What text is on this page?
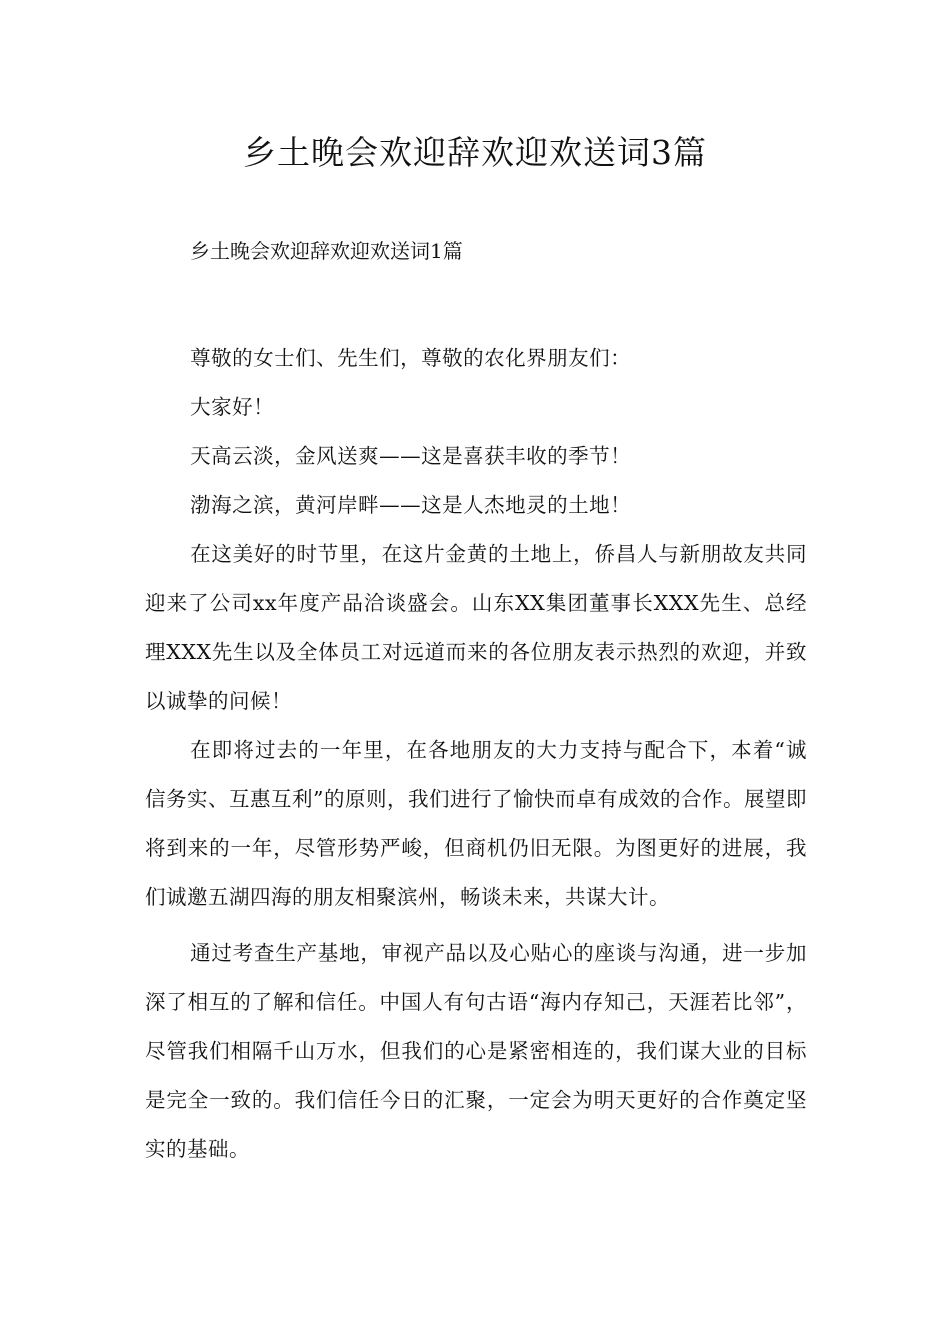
乡土晚会欢迎辞欢迎欢送词3篇

乡土晚会欢迎辞欢迎欢送词1篇

尊敬的女士们、先生们，尊敬的农化界朋友们：

大家好！

天高云淡，金风送爽——这是喜获丰收的季节！

渤海之滨，黄河岸畔——这是人杰地灵的土地！

在这美好的时节里，在这片金黄的土地上，侨昌人与新朋故友共同迎来了公司xx年度产品洽谈盛会。山东XX集团董事长XXX先生、总经理XXX先生以及全体员工对远道而来的各位朋友表示热烈的欢迎，并致以诚挚的问候！

在即将过去的一年里，在各地朋友的大力支持与配合下，本着“诚信务实、互惠互利”的原则，我们进行了愉快而卓有成效的合作。展望即将到来的一年，尽管形势严峻，但商机仍旧无限。为图更好的进展，我们诚邀五湖四海的朋友相聚滨州，畅谈未来，共谋大计。

通过考查生产基地，审视产品以及心贴心的座谈与沟通，进一步加深了相互的了解和信任。中国人有句古语“海内存知己，天涯若比邻”，尽管我们相隔千山万水，但我们的心是紧密相连的，我们谋大业的目标是完全一致的。我们信任今日的汇聚，一定会为明天更好的合作奠定坚实的基础。
